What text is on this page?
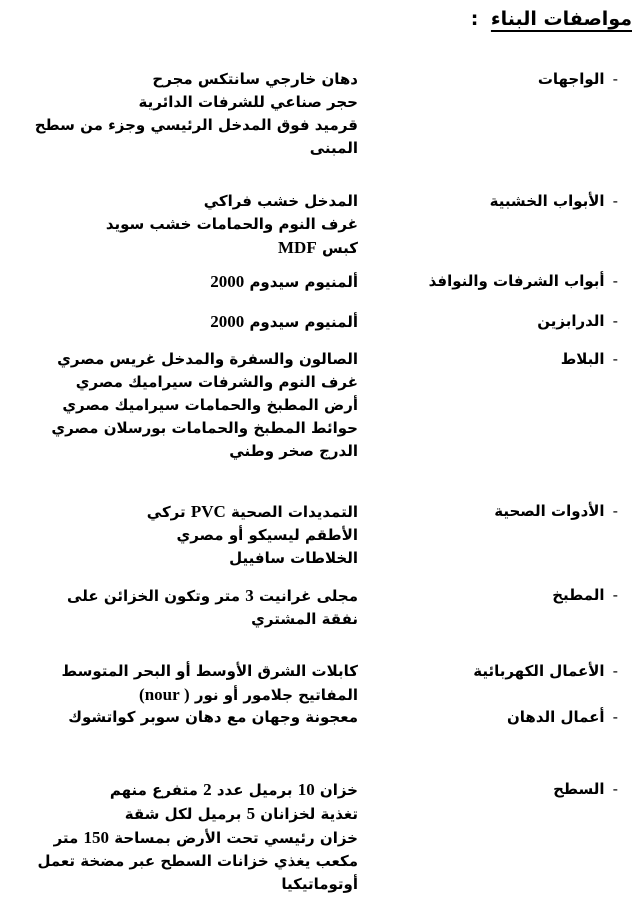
مواصفات البناء :
-الواجهات
دهان خارجي سانتكس مجرح
حجر صناعي للشرفات الدائرية
قرميد فوق المدخل الرئيسي وجزء من سطح
المبنى
-الأبواب الخشبية
المدخل خشب فراكي
غرف النوم والحمامات خشب سويد
كبس MDF
-أبواب الشرفات والنوافذ
ألمنيوم سيدوم 2000
-الدرابزين
ألمنيوم سيدوم 2000
-البلاط
الصالون والسفرة والمدخل غريس مصري
غرف النوم والشرفات سيراميك مصري
أرض المطبخ والحمامات سيراميك مصري
حوائط المطبخ والحمامات بورسلان مصري
الدرج صخر وطني
-الأدوات الصحية
التمديدات الصحية PVC تركي
الأطقم ليسيكو أو مصري
الخلاطات سافييل
-المطبخ
مجلى غرانيت 3 متر وتكون الخزائن على
نفقة المشتري
-الأعمال الكهربائية
كابلات الشرق الأوسط أو البحر المتوسط
المفاتيح جلامور أو نور ( nour)
-أعمال الدهان
معجونة وجهان مع دهان سوبر كواتشوك
-السطح
خزان 10 برميل عدد 2 متفرع منهم
تغذية لخزانان 5 برميل لكل شقة
خزان رئيسي تحت الأرض بمساحة 150 متر
مكعب يغذي خزانات السطح عبر مضخة تعمل
أوتوماتيكيا
